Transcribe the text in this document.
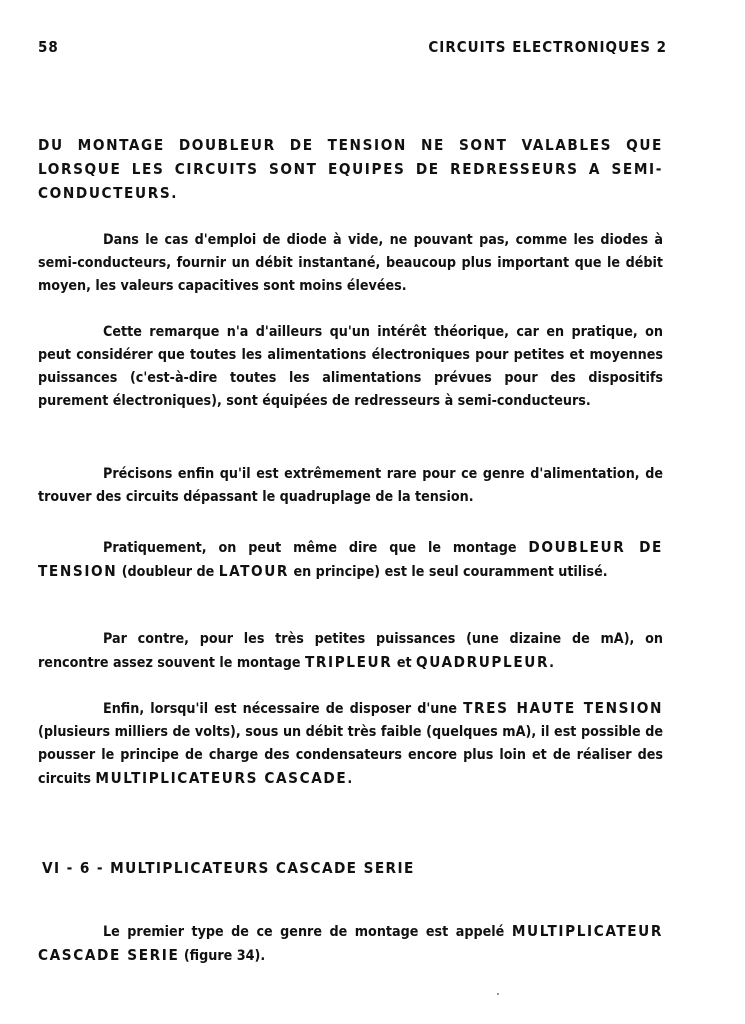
58	CIRCUITS ELECTRONIQUES 2

DU MONTAGE DOUBLEUR DE TENSION NE SONT VALABLES QUE LORSQUE LES CIRCUITS SONT EQUIPES DE REDRESSEURS A SEMI-CONDUCTEURS.

Dans le cas d'emploi de diode à vide, ne pouvant pas, comme les diodes à semi-conducteurs, fournir un débit instantané, beaucoup plus important que le débit moyen, les valeurs capacitives sont moins élevées.

Cette remarque n'a d'ailleurs qu'un intérêt théorique, car en pratique, on peut considérer que toutes les alimentations électroniques pour petites et moyennes puissances (c'est-à-dire toutes les alimentations prévues pour des dispositifs purement électroniques), sont équipées de redresseurs à semi-conducteurs.

Précisons enfin qu'il est extrêmement rare pour ce genre d'alimentation, de trouver des circuits dépassant le quadruplage de la tension.

Pratiquement, on peut même dire que le montage DOUBLEUR DE TENSION (doubleur de LATOUR en principe) est le seul couramment utilisé.

Par contre, pour les très petites puissances (une dizaine de mA), on rencontre assez souvent le montage TRIPLEUR et QUADRUPLEUR.

Enfin, lorsqu'il est nécessaire de disposer d'une TRES HAUTE TENSION (plusieurs milliers de volts), sous un débit très faible (quelques mA), il est possible de pousser le principe de charge des condensateurs encore plus loin et de réaliser des circuits MULTIPLICATEURS CASCADE.

VI - 6 - MULTIPLICATEURS CASCADE SERIE

Le premier type de ce genre de montage est appelé MULTIPLICATEUR CASCADE SERIE (figure 34).
